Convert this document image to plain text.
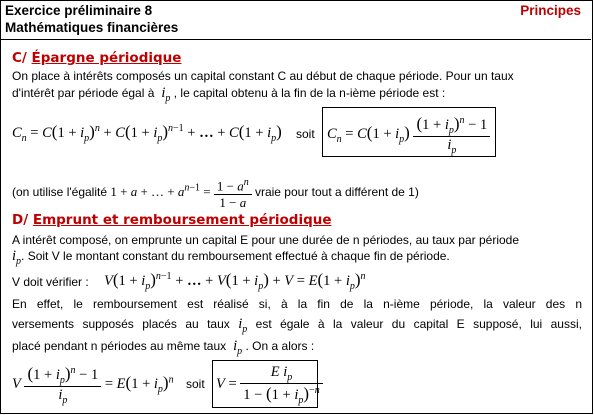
Exercice préliminaire 8
Mathématiques financières
Principes
C/ Épargne périodique
On place à intérêts composés un capital constant C au début de chaque période. Pour un taux
d'intérêt par période égal à $i_p$ , le capital obtenu à la fin de la n-ième période est :
$C_n = C(1 + i_p)^n + C(1 + i_p)^{n-1}$ + … + $C(1 + i_p)$ soit $C_n = C(1 + i_p) \frac{(1 + i_p)^n - 1}{i_p}$
(on utilise l'égalité 1 + a + … + $a^{n-1} = \frac{1 - a^n}{1 - a}$ vraie pour tout a différent de 1)
D/ Emprunt et remboursement périodique
A intérêt composé, on emprunte un capital E pour une durée de n périodes, au taux par période
$i_p$. Soit V le montant constant du remboursement effectué à chaque fin de période.
V doit vérifier :	$V(1 + i_p)^{n-1}$ + … + $V(1 + i_p) + V = E(1 + i_p)^n$
En effet, le remboursement est réalisé si, à la fin de la n-ième période, la valeur des n
versements supposés placés au taux $i_p$ est égale à la valeur du capital E supposé, lui aussi,
placé pendant n périodes au même taux $i_p$ . On a alors :
V $\frac{(1 + i_p)^n - 1}{i_p} = E(1 + i_p)^n$ soit $V = \frac{E i_p}{1 - (1 + i_p)^{-n}}$
